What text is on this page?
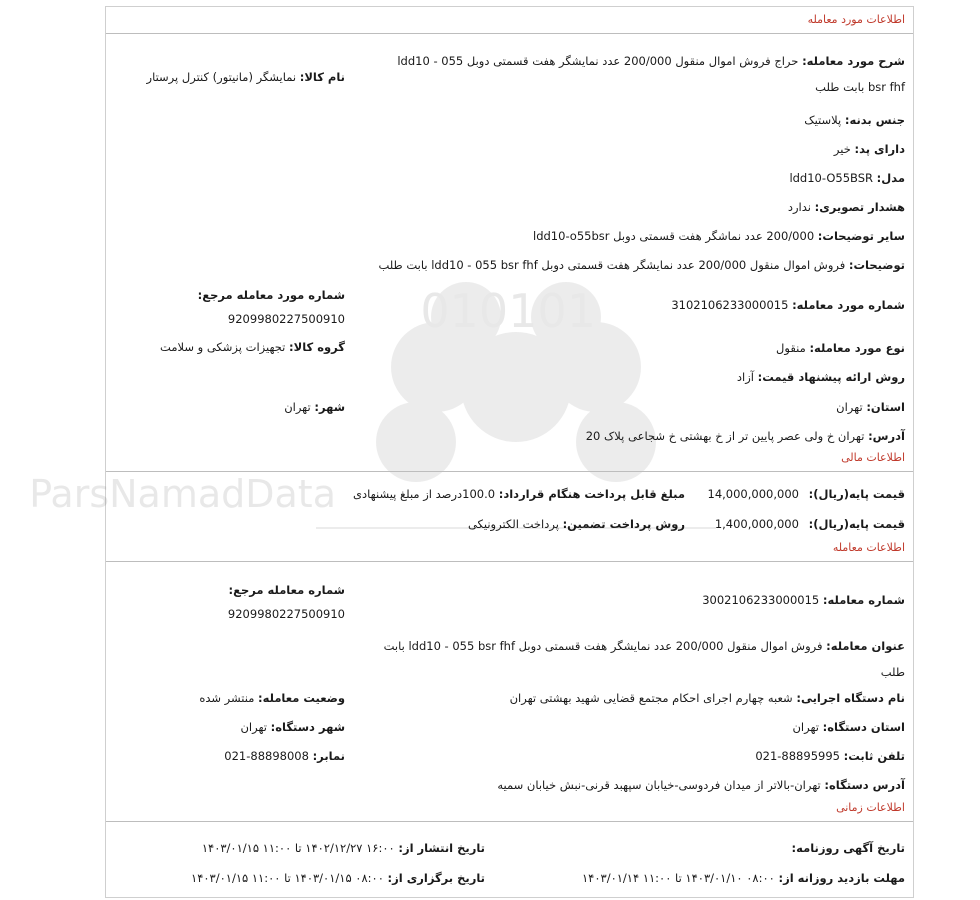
010101
ParsNamadData
اطلاعات مورد معامله
شرح مورد معامله: حراج فروش اموال منقول 200/000 عدد نمایشگر هفت قسمتی دوبل ldd10 - 055 bsr fhf بابت طلب
نام کالا: نمایشگر (مانیتور) کنترل پرستار
جنس بدنه: پلاستیک
دارای پد: خیر
مدل: ldd10-O55BSR
هشدار تصویری: ندارد
سایر توضیحات: 200/000 عدد نماشگر هفت قسمتی دوبل ldd10-o55bsr
توضیحات: فروش اموال منقول 200/000 عدد نمایشگر هفت قسمتی دوبل ldd10 - 055 bsr fhf بابت طلب
شماره مورد معامله مرجع:
شماره مورد معامله: 3102106233000015
9209980227500910
گروه کالا: تجهیزات پزشکی و سلامت	نوع مورد معامله: منقول
روش ارائه پیشنهاد قیمت: آزاد
شهر: تهران	استان: تهران
آدرس: تهران خ ولی عصر پایین تر از خ بهشتی خ شجاعی پلاک 20
اطلاعات مالی
قیمت پایه(ریال): 14,000,000,000
مبلغ قابل پرداخت هنگام قرارداد: 100.0درصد از مبلغ پیشنهادی
قیمت پایه(ریال): 1,400,000,000
روش پرداخت تضمین: پرداخت الکترونیکی
اطلاعات معامله
شماره معامله مرجع:
شماره معامله: 3002106233000015
9209980227500910
عنوان معامله: فروش اموال منقول 200/000 عدد نمایشگر هفت قسمتی دوبل ldd10 - 055 bsr fhf بابت طلب
نام دستگاه اجرایی: شعبه چهارم اجرای احکام مجتمع قضایی شهید بهشتی تهران
وضعیت معامله: منتشر شده
استان دستگاه: تهران
شهر دستگاه: تهران
تلفن ثابت: 88895995-021
نمابر: 88898008-021
آدرس دستگاه: تهران-بالاتر از میدان فردوسی-خیابان سپهبد قرنی-نبش خیابان سمیه
اطلاعات زمانی
تاریخ آگهی روزنامه:
تاریخ انتشار از: ۱۶:۰۰ ۱۴۰۲/۱۲/۲۷ تا ۱۱:۰۰ ۱۴۰۳/۰۱/۱۵
مهلت بازدید روزانه از: ۰۸:۰۰ ۱۴۰۳/۰۱/۱۰ تا ۱۱:۰۰ ۱۴۰۳/۰۱/۱۴
تاریخ برگزاری از: ۰۸:۰۰ ۱۴۰۳/۰۱/۱۵ تا ۱۱:۰۰ ۱۴۰۳/۰۱/۱۵
